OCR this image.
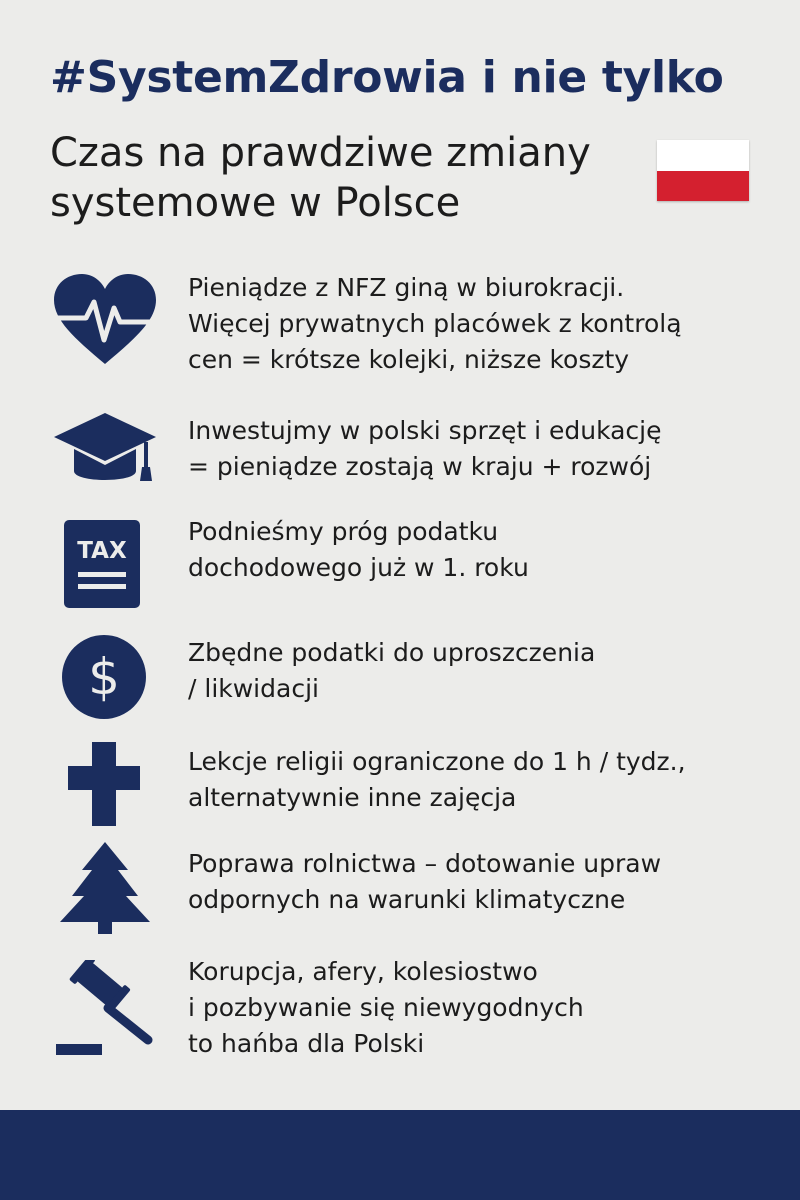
#SystemZdrowia i nie tylko
Czas na prawdziwe zmiany
systemowe w Polsce
Pieniądze z NFZ giną w biurokracji.
Więcej prywatnych placówek z kontrolą
cen = krótsze kolejki, niższe koszty
Inwestujmy w polski sprzęt i edukację
= pieniądze zostają w kraju + rozwój
TAX
Podnieśmy próg podatku
dochodowego już w 1. roku
$	Zbędne podatki do uproszczenia
/ likwidacji
Lekcje religii ograniczone do 1 h / tydz.,
alternatywnie inne zajęcja
Poprawa rolnictwa – dotowanie upraw
odpornych na warunki klimatyczne
Korupcja, afery, kolesiostwo
i pozbywanie się niewygodnych
to hańba dla Polski
